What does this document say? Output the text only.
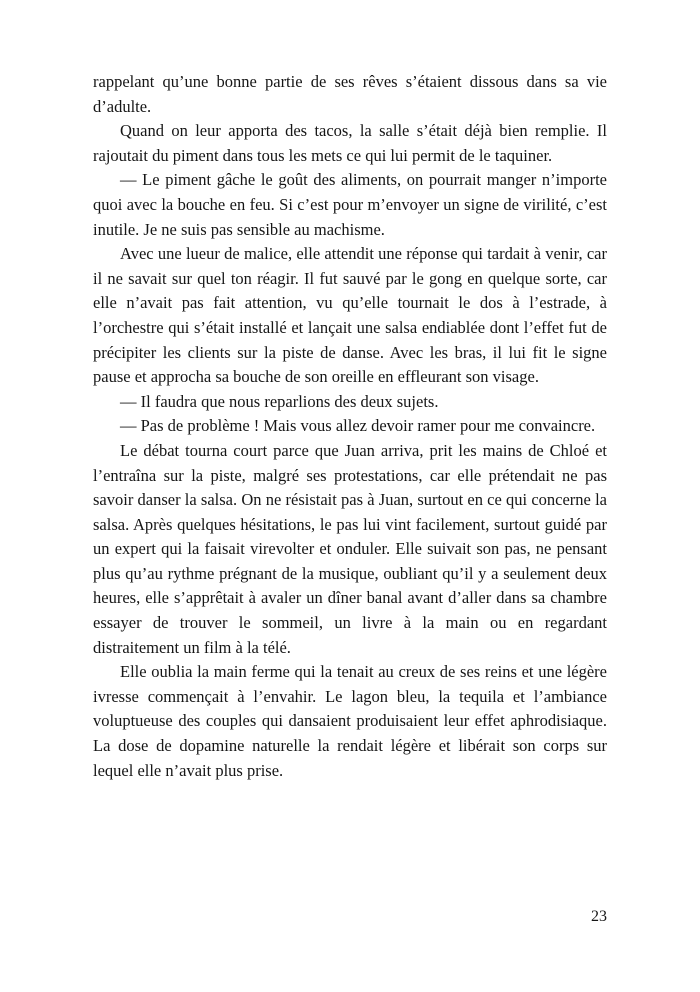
rappelant qu’une bonne partie de ses rêves s’étaient dissous dans sa vie d’adulte.

Quand on leur apporta des tacos, la salle s’était déjà bien remplie. Il rajoutait du piment dans tous les mets ce qui lui permit de le taquiner.

— Le piment gâche le goût des aliments, on pourrait manger n’importe quoi avec la bouche en feu. Si c’est pour m’envoyer un signe de virilité, c’est inutile. Je ne suis pas sensible au machisme.

Avec une lueur de malice, elle attendit une réponse qui tardait à venir, car il ne savait sur quel ton réagir. Il fut sauvé par le gong en quelque sorte, car elle n’avait pas fait attention, vu qu’elle tournait le dos à l’estrade, à l’orchestre qui s’était installé et lançait une salsa endiablée dont l’effet fut de précipiter les clients sur la piste de danse. Avec les bras, il lui fit le signe pause et approcha sa bouche de son oreille en effleurant son visage.

— Il faudra que nous reparlions des deux sujets.

— Pas de problème ! Mais vous allez devoir ramer pour me convaincre.

Le débat tourna court parce que Juan arriva, prit les mains de Chloé et l’entraîna sur la piste, malgré ses protestations, car elle prétendait ne pas savoir danser la salsa. On ne résistait pas à Juan, surtout en ce qui concerne la salsa. Après quelques hésitations, le pas lui vint facilement, surtout guidé par un expert qui la faisait virevolter et onduler. Elle suivait son pas, ne pensant plus qu’au rythme prégnant de la musique, oubliant qu’il y a seulement deux heures, elle s’apprêtait à avaler un dîner banal avant d’aller dans sa chambre essayer de trouver le sommeil, un livre à la main ou en regardant distraitement un film à la télé.

Elle oublia la main ferme qui la tenait au creux de ses reins et une légère ivresse commençait à l’envahir. Le lagon bleu, la tequila et l’ambiance voluptueuse des couples qui dansaient produisaient leur effet aphrodisiaque. La dose de dopamine naturelle la rendait légère et libérait son corps sur lequel elle n’avait plus prise.

23
